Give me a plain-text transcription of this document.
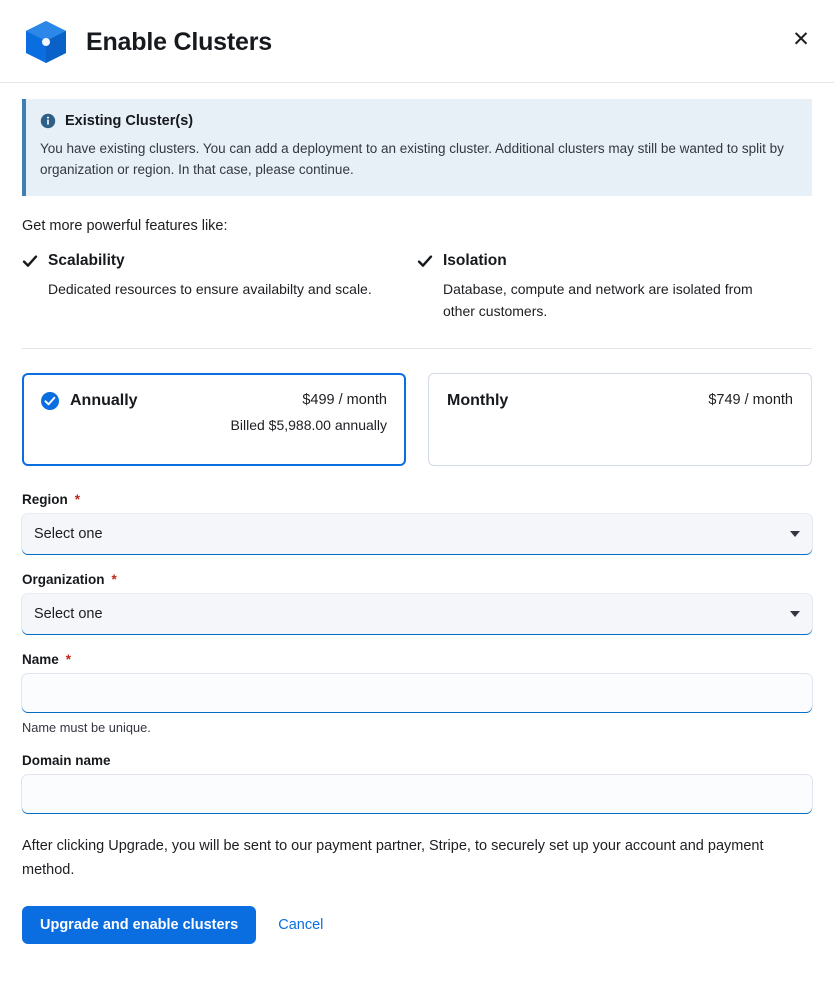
Enable Clusters	✕
Existing Cluster(s)
You have existing clusters. You can add a deployment to an existing cluster. Additional clusters may still be wanted to split by organization or region. In that case, please continue.
Get more powerful features like:
Scalability
Dedicated resources to ensure availabilty and scale.
Isolation
Database, compute and network are isolated from other customers.
Annually	$499 / month
Billed $5,988.00 annually
Monthly	$749 / month
Region *
Select one
Organization *
Select one
Name *
Name must be unique.
Domain name
After clicking Upgrade, you will be sent to our payment partner, Stripe, to securely set up your account and payment method.
Upgrade and enable clusters	Cancel
